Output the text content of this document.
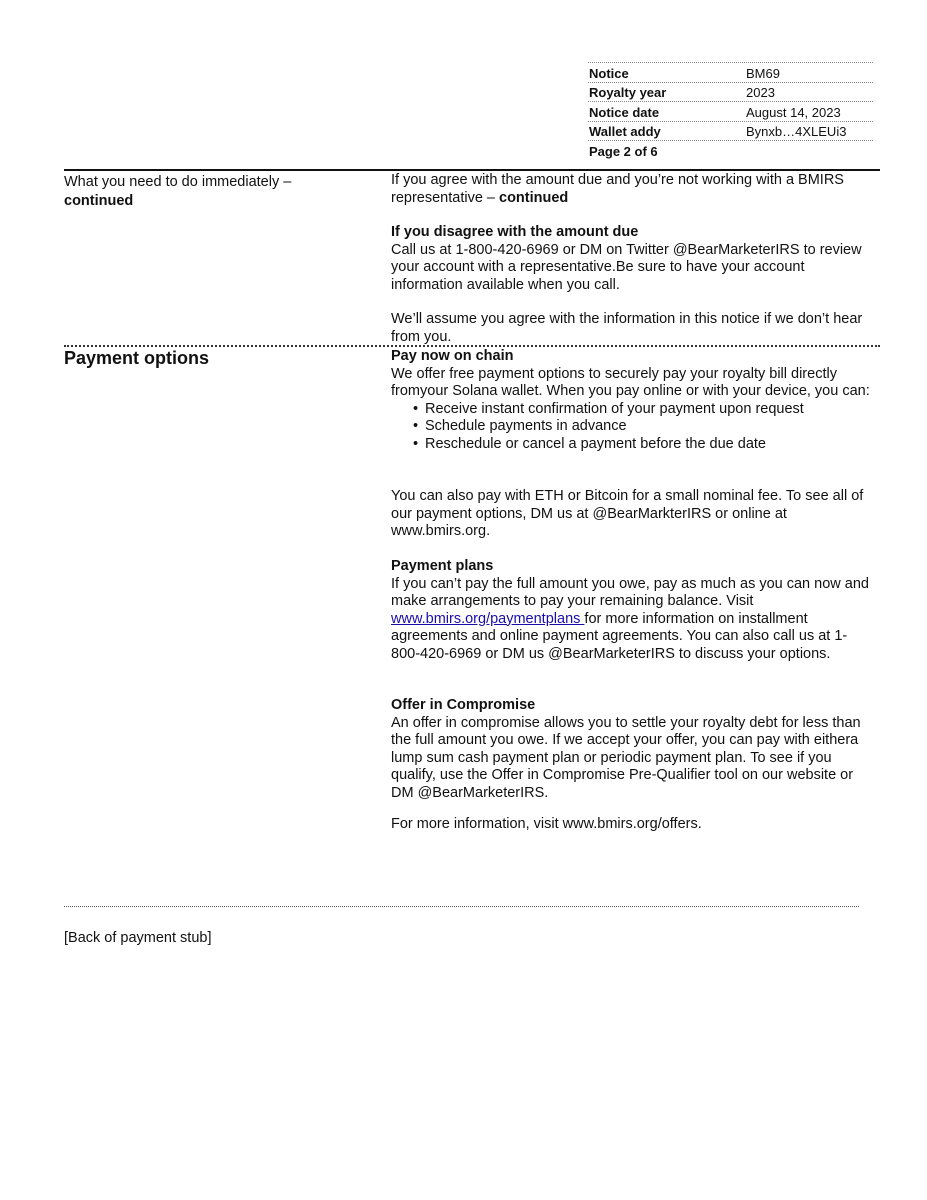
Notice	BM69
Royalty year	2023
Notice date	August 14, 2023
Wallet addy	Bynxb…4XLEUi3
Page 2 of 6
What you need to do immediately –
continued

If you agree with the amount due and you’re not working with a BMIRS representative – continued

If you disagree with the amount due

Call us at 1-800-420-6969 or DM on Twitter @BearMarketerIRS to review your account with a representative.Be sure to have your account information available when you call.

We’ll assume you agree with the information in this notice if we don’t hear from you.

Payment options	Pay now on chain

We offer free payment options to securely pay your royalty bill directly fromyour Solana wallet. When you pay online or with your device, you can:

• Receive instant confirmation of your payment upon request
• Schedule payments in advance
• Reschedule or cancel a payment before the due date

You can also pay with ETH or Bitcoin for a small nominal fee. To see all of our payment options, DM us at @BearMarkterIRS or online at www.bmirs.org.

Payment plans

If you can’t pay the full amount you owe, pay as much as you can now and make arrangements to pay your remaining balance. Visit www.bmirs.org/paymentplans for more information on installment agreements and online payment agreements. You can also call us at 1-800-420-6969 or DM us @BearMarketerIRS to discuss your options.

Offer in Compromise

An offer in compromise allows you to settle your royalty debt for less than the full amount you owe. If we accept your offer, you can pay with eithera lump sum cash payment plan or periodic payment plan. To see if you qualify, use the Offer in Compromise Pre-Qualifier tool on our website or DM @BearMarketerIRS.

For more information, visit www.bmirs.org/offers.

[Back of payment stub]
